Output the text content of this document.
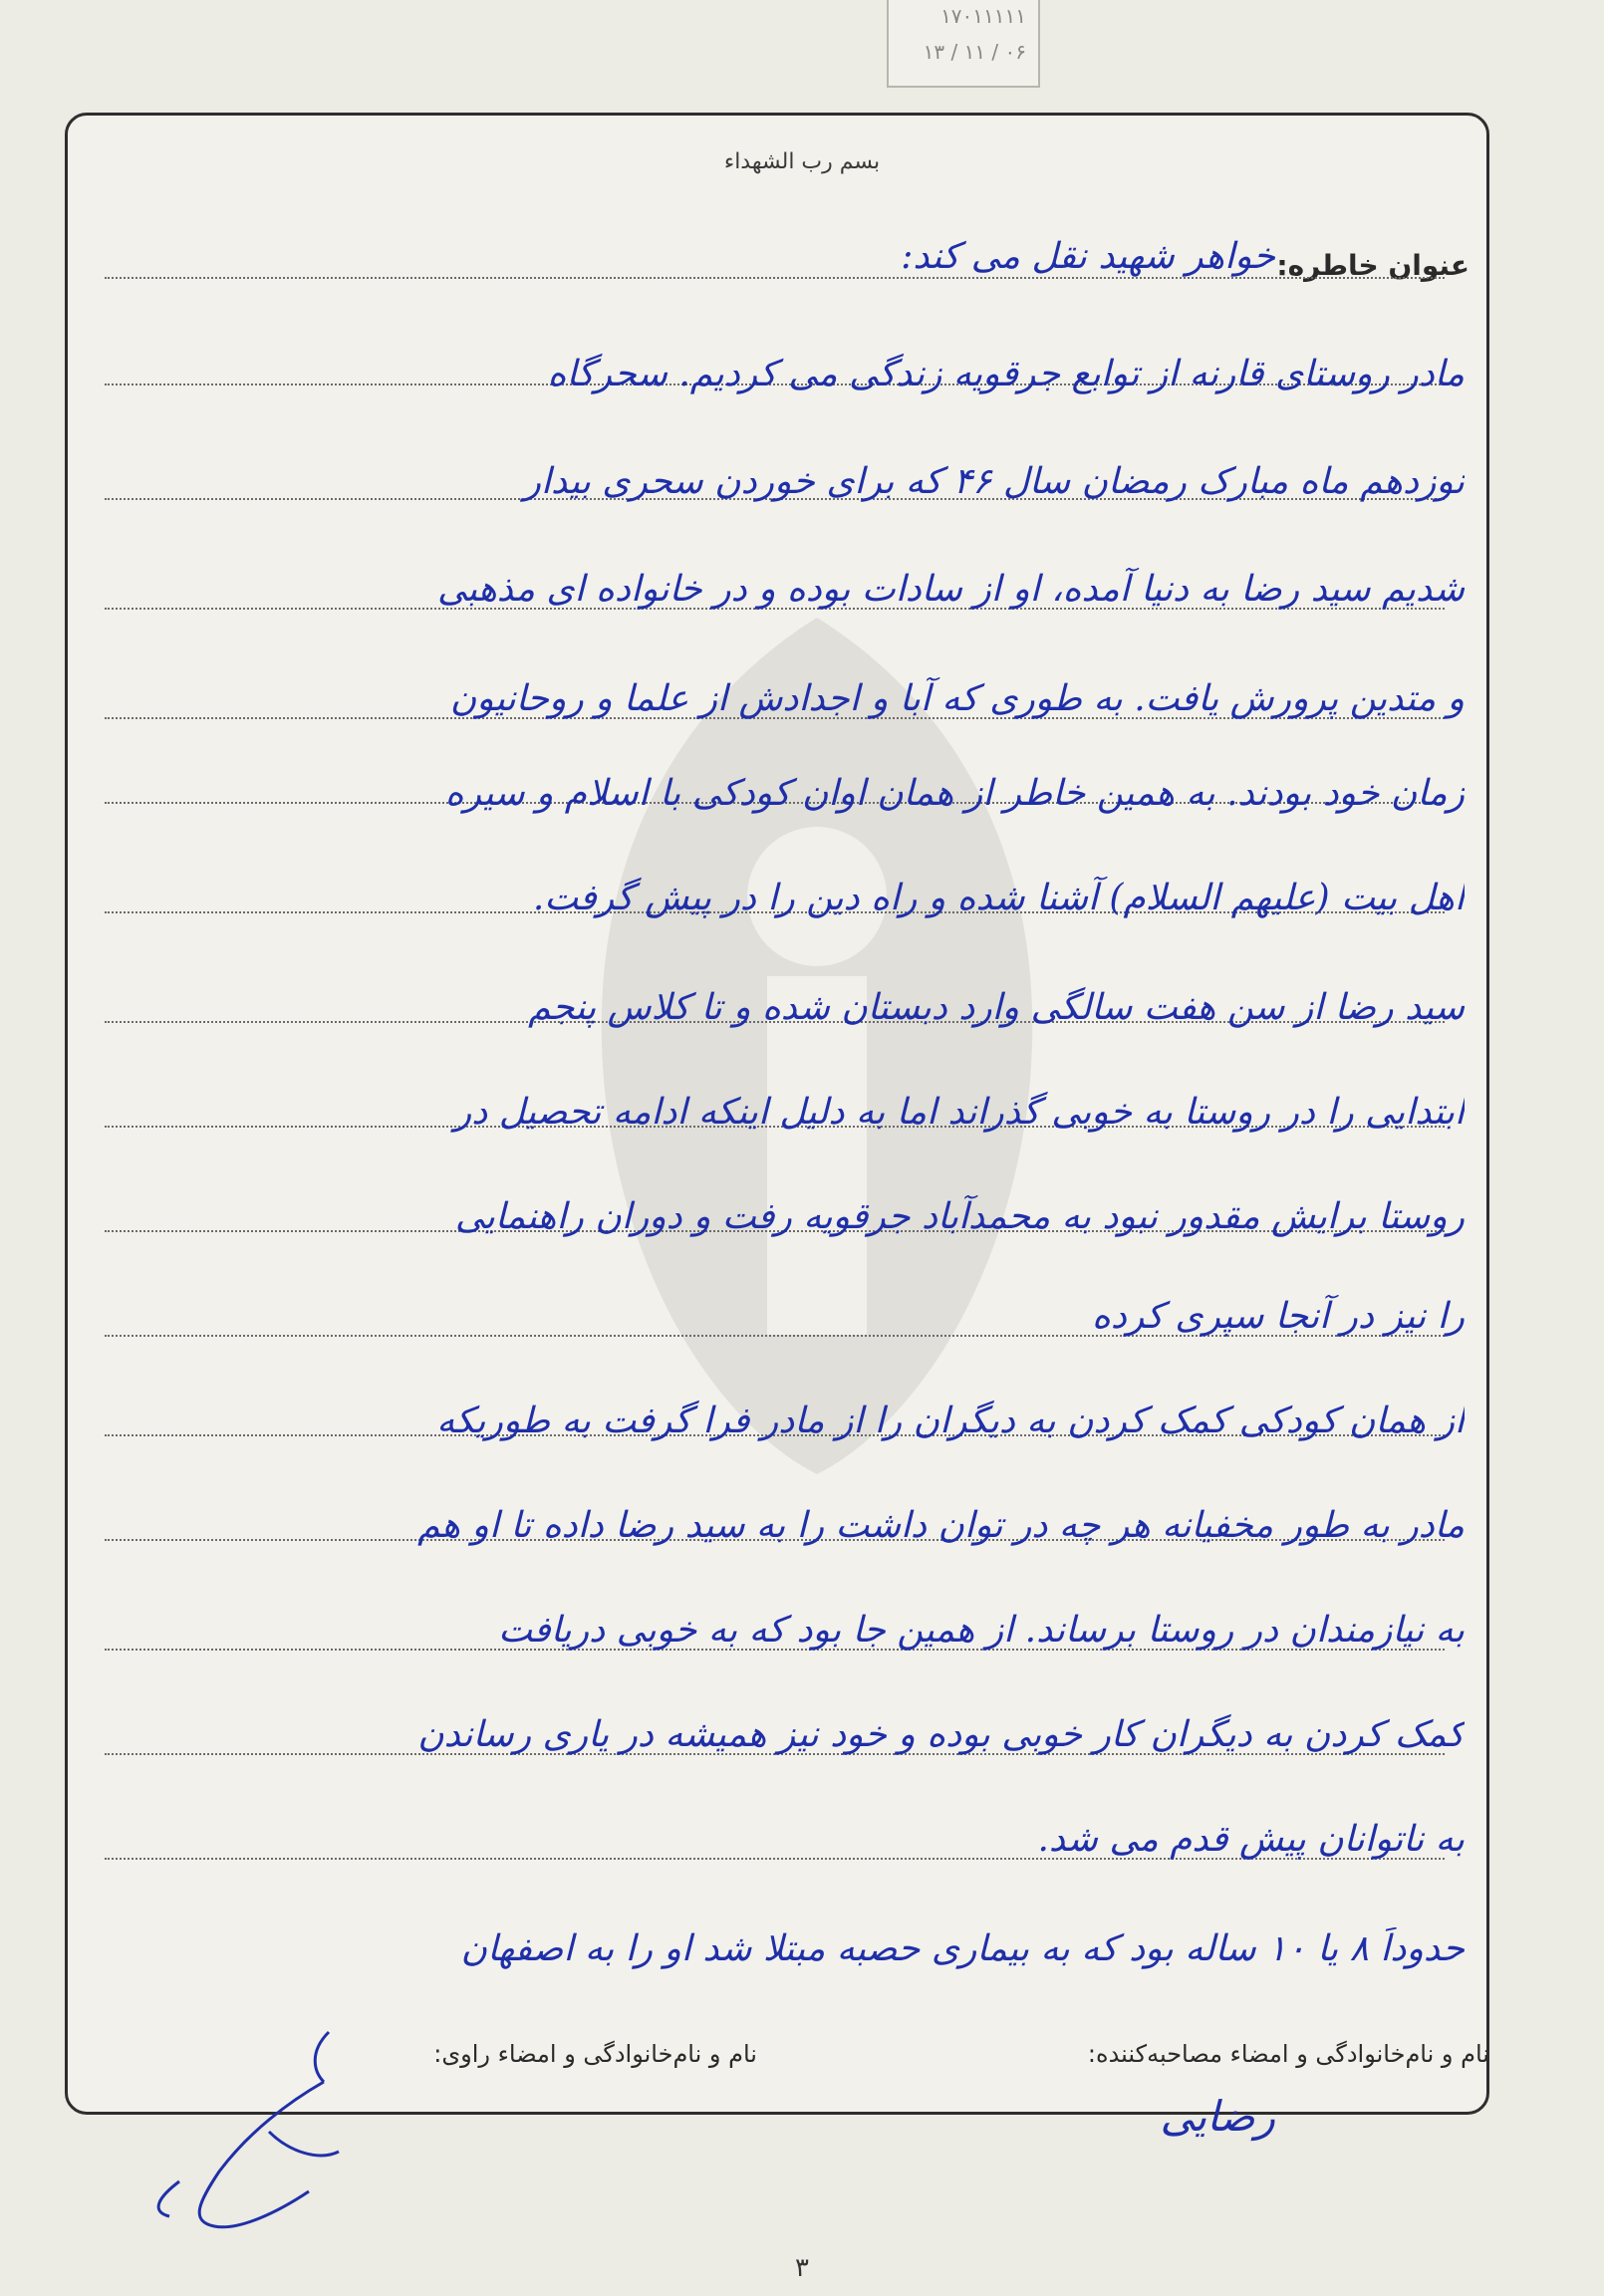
۱۷۰۱۱۱۱۱
۰۶ / ۱۱ / ۱۳
بسم رب الشهداء
عنوان خاطره:
خواهر شهید نقل می کند:
مادر روستای قارنه از توابع جرقویه زندگی می کردیم. سحرگاه
نوزدهم ماه مبارک رمضان سال ۴۶ که برای خوردن سحری بیدار
شدیم سید رضا به دنیا آمده، او از سادات بوده و در خانواده ای مذهبی
و متدین پرورش یافت. به طوری که آبا و اجدادش از علما و روحانیون
زمان خود بودند. به همین خاطر از همان اوان کودکی با اسلام و سیره
اهل بیت (علیهم السلام) آشنا شده و راه دین را در پیش گرفت.
سید رضا از سن هفت سالگی وارد دبستان شده و تا کلاس پنجم
ابتدایی را در روستا به خوبی گذراند اما به دلیل اینکه ادامه تحصیل در
روستا برایش مقدور نبود به محمدآباد جرقویه رفت و دوران راهنمایی
را نیز در آنجا سپری کرده
از همان کودکی کمک کردن به دیگران را از مادر فرا گرفت به طوریکه
مادر به طور مخفیانه هر چه در توان داشت را به سید رضا داده تا او هم
به نیازمندان در روستا برساند. از همین جا بود که به خوبی دریافت
کمک کردن به دیگران کار خوبی بوده و خود نیز همیشه در یاری رساندن
به ناتوانان پیش قدم می شد.
حدوداً ۸ یا ۱۰ ساله بود که به بیماری حصبه مبتلا شد او را به اصفهان
نام و نام‌خانوادگی و امضاء مصاحبه‌کننده:
نام و نام‌خانوادگی و امضاء راوی:
رضایی
۳
